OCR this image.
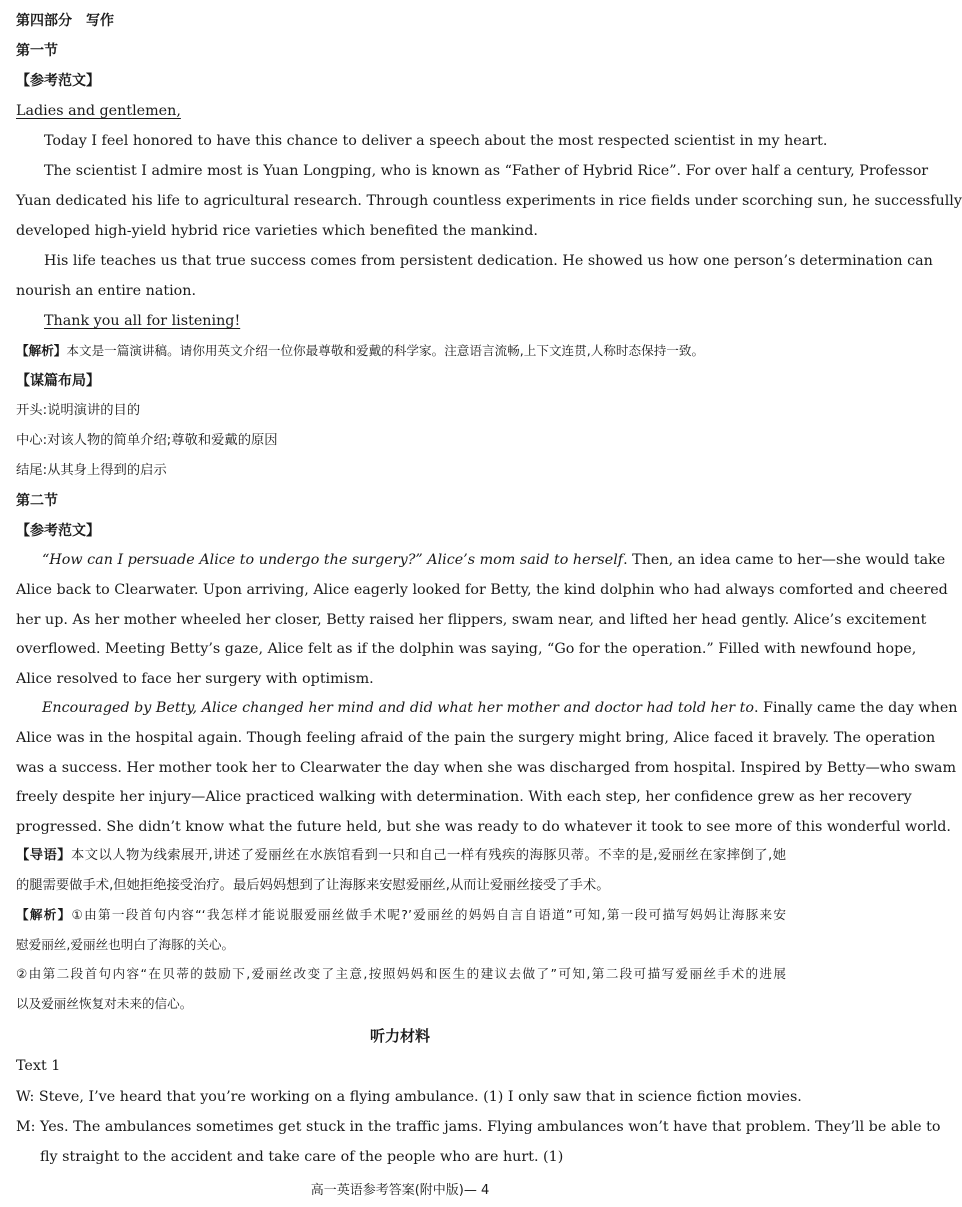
第四部分 写作
第一节
【参考范文】
Ladies and gentlemen,
Today I feel honored to have this chance to deliver a speech about the most respected scientist in my heart.
The scientist I admire most is Yuan Longping, who is known as “Father of Hybrid Rice”. For over half a century, Professor
Yuan dedicated his life to agricultural research. Through countless experiments in rice fields under scorching sun, he successfully
developed high-yield hybrid rice varieties which benefited the mankind.
His life teaches us that true success comes from persistent dedication. He showed us how one person’s determination can
nourish an entire nation.
Thank you all for listening!
【解析】本文是一篇演讲稿。请你用英文介绍一位你最尊敬和爱戴的科学家。注意语言流畅,上下文连贯,人称时态保持一致。
【谋篇布局】
开头:说明演讲的目的
中心:对该人物的简单介绍;尊敬和爱戴的原因
结尾:从其身上得到的启示
第二节
【参考范文】
“How can I persuade Alice to undergo the surgery?” Alice’s mom said to herself. Then, an idea came to her—she would take
Alice back to Clearwater. Upon arriving, Alice eagerly looked for Betty, the kind dolphin who had always comforted and cheered
her up. As her mother wheeled her closer, Betty raised her flippers, swam near, and lifted her head gently. Alice’s excitement
overflowed. Meeting Betty’s gaze, Alice felt as if the dolphin was saying, “Go for the operation.” Filled with newfound hope,
Alice resolved to face her surgery with optimism.
Encouraged by Betty, Alice changed her mind and did what her mother and doctor had told her to. Finally came the day when
Alice was in the hospital again. Though feeling afraid of the pain the surgery might bring, Alice faced it bravely. The operation
was a success. Her mother took her to Clearwater the day when she was discharged from hospital. Inspired by Betty—who swam
freely despite her injury—Alice practiced walking with determination. With each step, her confidence grew as her recovery
progressed. She didn’t know what the future held, but she was ready to do whatever it took to see more of this wonderful world.
【导语】本文以人物为线索展开,讲述了爱丽丝在水族馆看到一只和自己一样有残疾的海豚贝蒂。不幸的是,爱丽丝在家摔倒了,她
的腿需要做手术,但她拒绝接受治疗。最后妈妈想到了让海豚来安慰爱丽丝,从而让爱丽丝接受了手术。
【解析】①由第一段首句内容“‘我怎样才能说服爱丽丝做手术呢?’爱丽丝的妈妈自言自语道”可知,第一段可描写妈妈让海豚来安
慰爱丽丝,爱丽丝也明白了海豚的关心。
②由第二段首句内容“在贝蒂的鼓励下,爱丽丝改变了主意,按照妈妈和医生的建议去做了”可知,第二段可描写爱丽丝手术的进展
以及爱丽丝恢复对未来的信心。
听力材料
Text 1
W: Steve, I’ve heard that you’re working on a flying ambulance. (1) I only saw that in science fiction movies.
M: Yes. The ambulances sometimes get stuck in the traffic jams. Flying ambulances won’t have that problem. They’ll be able to
fly straight to the accident and take care of the people who are hurt. (1)
高一英语参考答案(附中版)— 4
